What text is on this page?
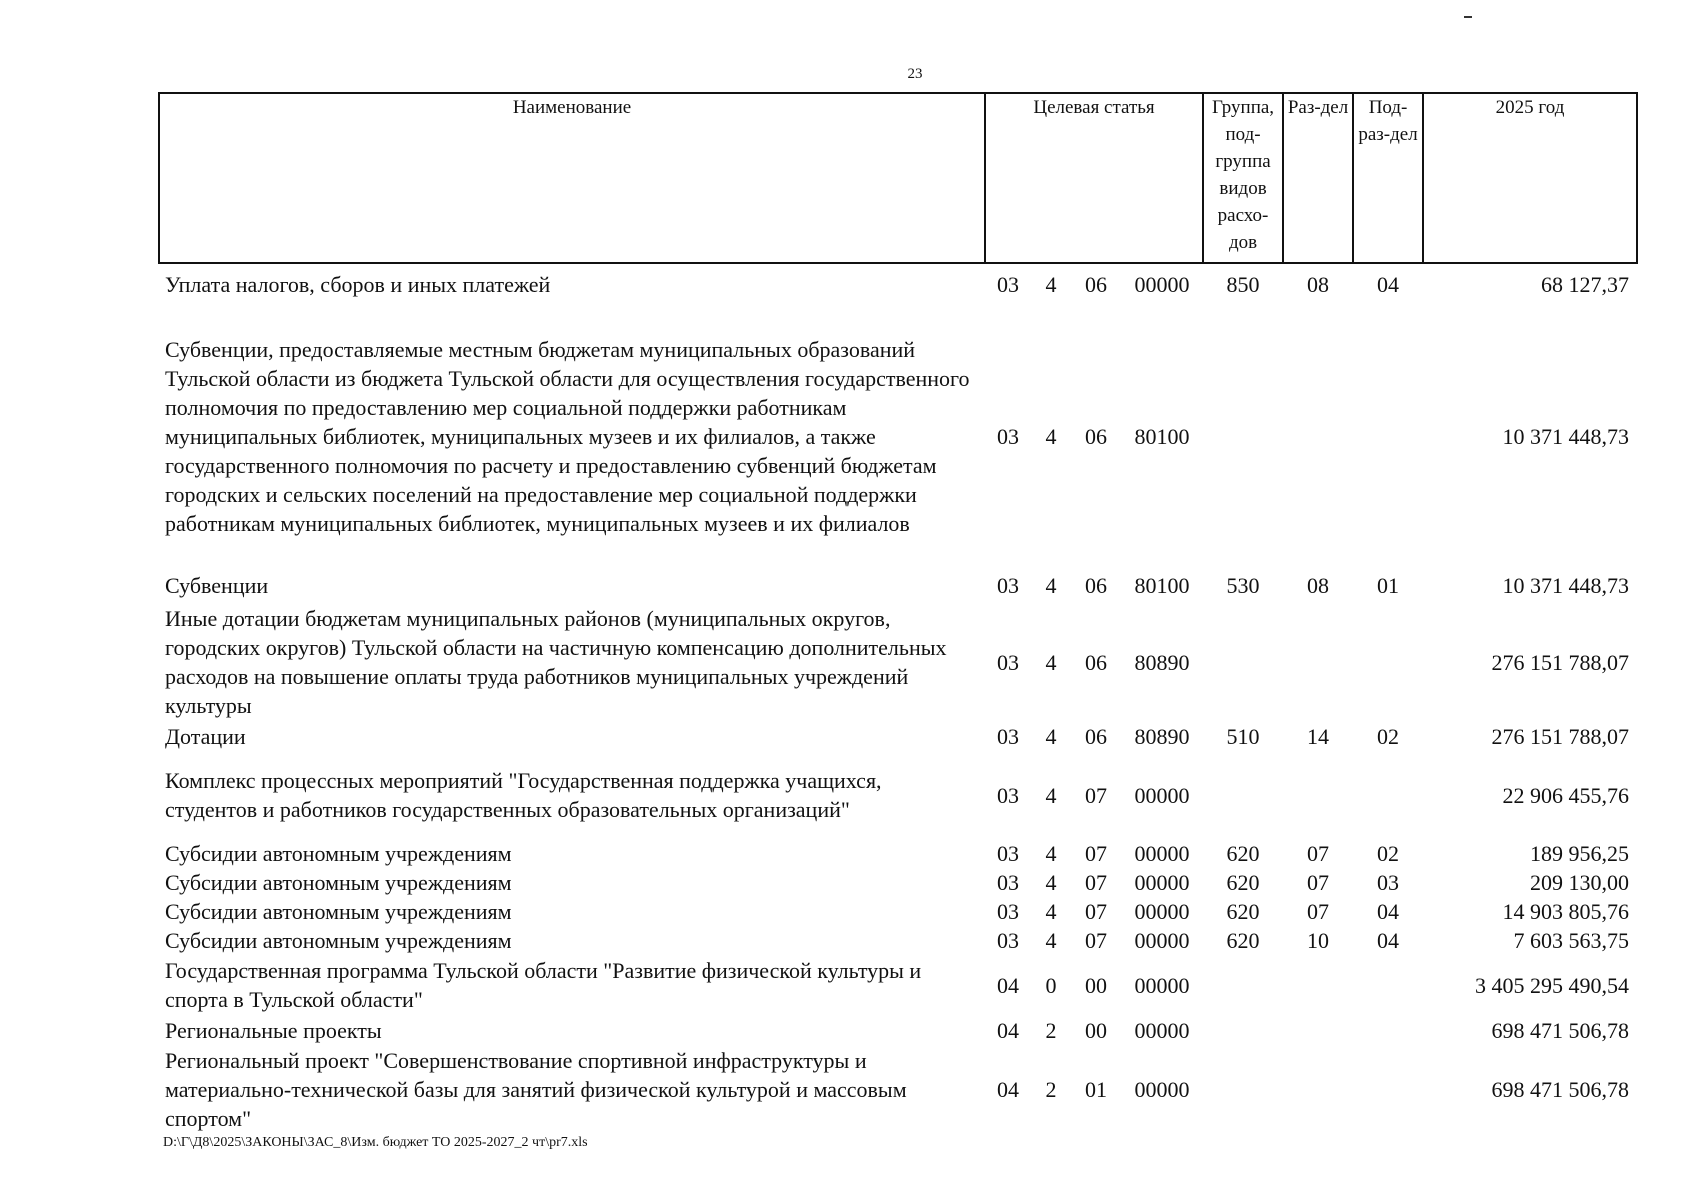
23
Наименование	Целевая статья				Группа, под-группа видов расхо-дов	Раз-дел	Под-раз-дел	2025 год
Уплата налогов, сборов и иных платежей	03	4	06	00000	850	08	04	68 127,37
Субвенции, предоставляемые местным бюджетам муниципальных образований Тульской области из бюджета Тульской области для осуществления государственного полномочия по предоставлению мер социальной поддержки работникам муниципальных библиотек, муниципальных музеев и их филиалов, а также государственного полномочия по расчету и предоставлению субвенций бюджетам городских и сельских поселений на предоставление мер социальной поддержки работникам муниципальных библиотек, муниципальных музеев и их филиалов	03	4	06	80100				10 371 448,73
Субвенции	03	4	06	80100	530	08	01	10 371 448,73
Иные дотации бюджетам муниципальных районов (муниципальных округов, городских округов) Тульской области на частичную компенсацию дополнительных расходов на повышение оплаты труда работников муниципальных учреждений культуры	03	4	06	80890				276 151 788,07
Дотации	03	4	06	80890	510	14	02	276 151 788,07
Комплекс процессных мероприятий "Государственная поддержка учащихся, студентов и работников государственных образовательных организаций"	03	4	07	00000				22 906 455,76
Субсидии автономным учреждениям	03	4	07	00000	620	07	02	189 956,25
Субсидии автономным учреждениям	03	4	07	00000	620	07	03	209 130,00
Субсидии автономным учреждениям	03	4	07	00000	620	07	04	14 903 805,76
Субсидии автономным учреждениям	03	4	07	00000	620	10	04	7 603 563,75
Государственная программа Тульской области "Развитие физической культуры и спорта в Тульской области"	04	0	00	00000				3 405 295 490,54
Региональные проекты	04	2	00	00000				698 471 506,78
Региональный проект "Совершенствование спортивной инфраструктуры и материально-технической базы для занятий физической культурой и массовым спортом"	04	2	01	00000				698 471 506,78
D:\Г\Д8\2025\ЗАКОНЫ\ЗАС_8\Изм. бюджет ТО 2025-2027_2 чт\pr7.xls
